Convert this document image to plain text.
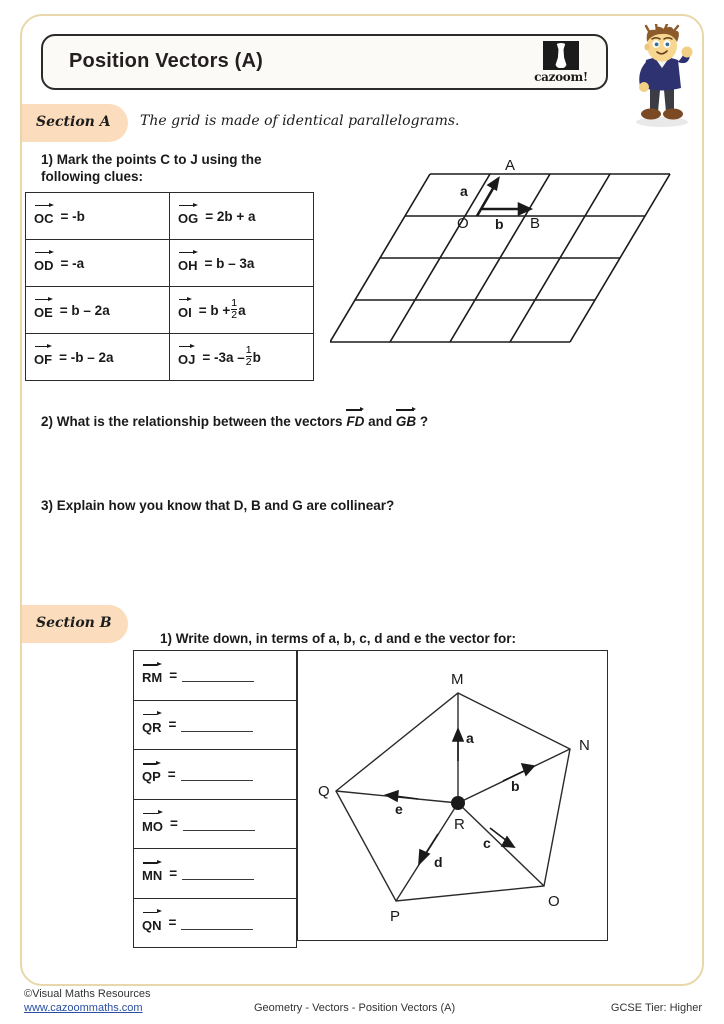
Position Vectors (A)
cazoom!
Section A The grid is made of identical parallelograms.
1) Mark the points C to J using the following clues:
OC = -b	OG = 2b + a

OD = -a	OH = b – 3a

OE = b – 2a	OI = $b + \frac{1}{2}$ a

OF = -b – 2a	OJ = $-3a - \frac{1}{2}$ b
A
O	B
a
b
2) What is the relationship between the vectors FD and GB ?
3) Explain how you know that D, B and G are collinear?
Section B
1) Write down, in terms of a, b, c, d and e the vector for:
RM =

QR =

QP =

MO =

MN =

QN =
M
N
O
P
Q
R
a
b
c
d
e
©Visual Maths Resources
www.cazoommaths.com	Geometry - Vectors - Position Vectors (A)	GCSE Tier: Higher
